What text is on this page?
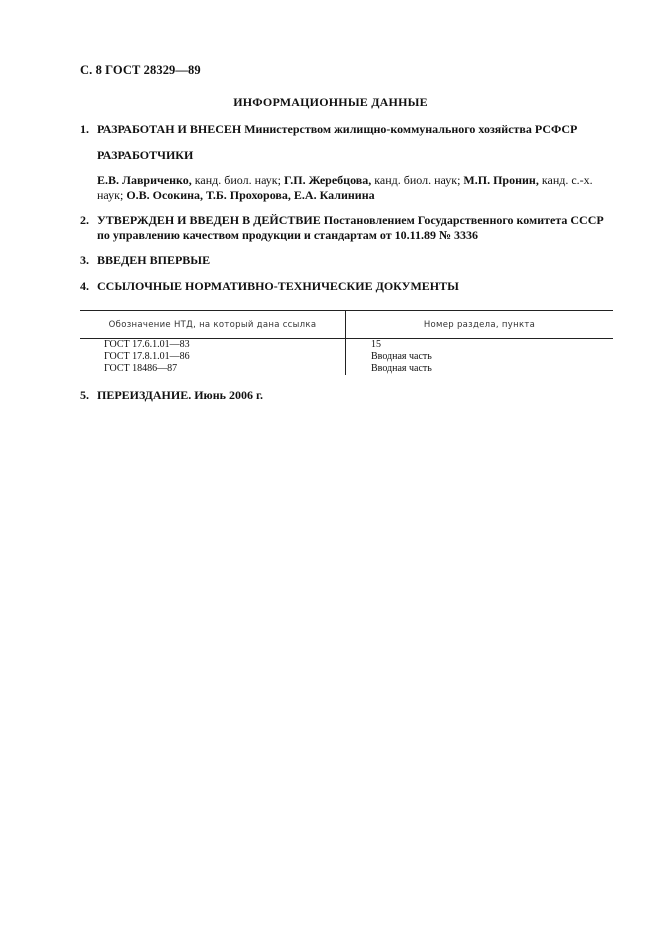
С. 8 ГОСТ 28329—89
ИНФОРМАЦИОННЫЕ ДАННЫЕ
1. РАЗРАБОТАН И ВНЕСЕН Министерством жилищно-коммунального хозяйства РСФСР
РАЗРАБОТЧИКИ
Е.В. Лавриченко, канд. биол. наук; Г.П. Жеребцова, канд. биол. наук; М.П. Пронин, канд. с.-х. наук; О.В. Осокина, Т.Б. Прохорова, Е.А. Калинина
2. УТВЕРЖДЕН И ВВЕДЕН В ДЕЙСТВИЕ Постановлением Государственного комитета СССР по управлению качеством продукции и стандартам от 10.11.89 № 3336
3. ВВЕДЕН ВПЕРВЫЕ
4. ССЫЛОЧНЫЕ НОРМАТИВНО-ТЕХНИЧЕСКИЕ ДОКУМЕНТЫ
Обозначение НТД, на который дана ссылка	Номер раздела, пункта
ГОСТ 17.6.1.01—83	15
ГОСТ 17.8.1.01—86	Вводная часть
ГОСТ 18486—87	Вводная часть
5. ПЕРЕИЗДАНИЕ. Июнь 2006 г.
